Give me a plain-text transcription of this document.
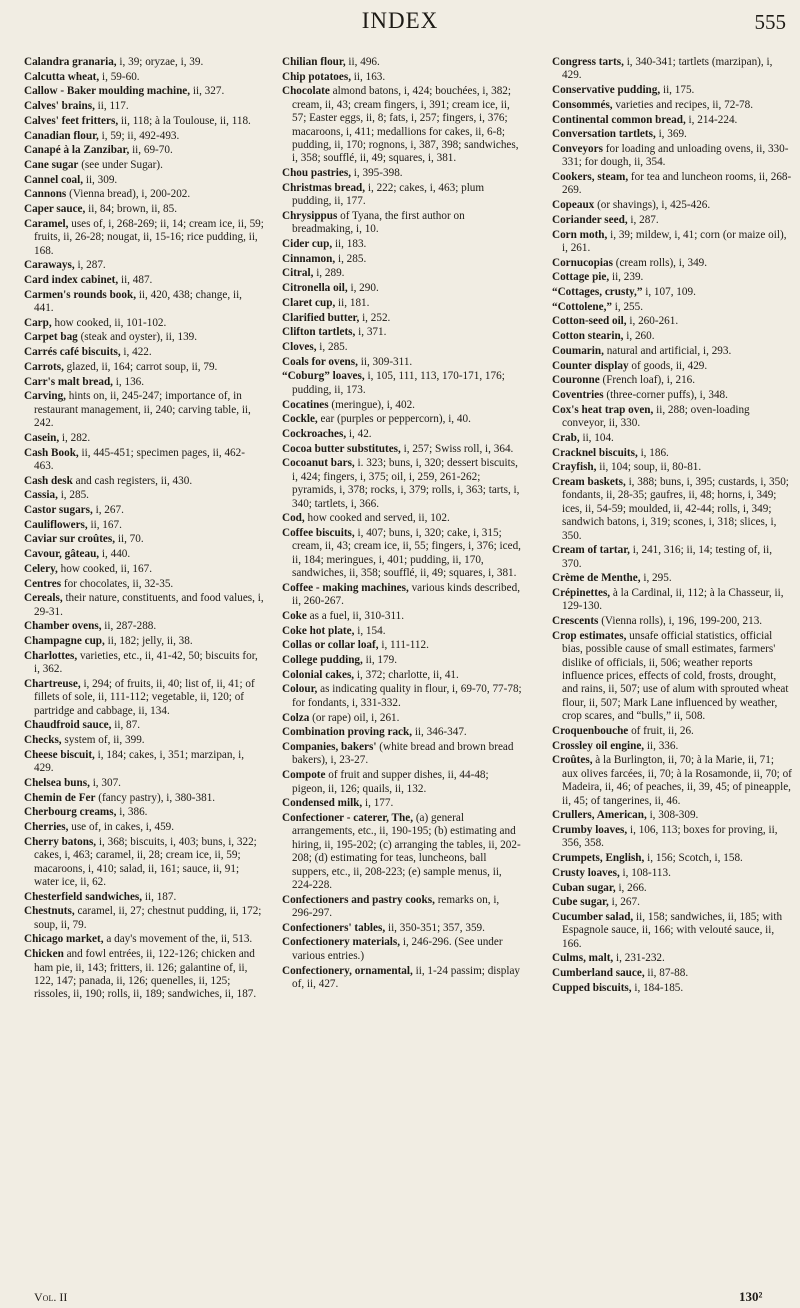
INDEX	555

Calandra granaria, i, 39; oryzae, i, 39.

Calcutta wheat, i, 59-60.

Callow - Baker moulding machine, ii, 327.

Calves' brains, ii, 117.

Calves' feet fritters, ii, 118; à la Toulouse, ii, 118.

Canadian flour, i, 59; ii, 492-493.

Canapé à la Zanzibar, ii, 69-70.

Cane sugar (see under Sugar).

Cannel coal, ii, 309.

Cannons (Vienna bread), i, 200-202.

Caper sauce, ii, 84; brown, ii, 85.

Caramel, uses of, i, 268-269; ii, 14; cream ice, ii, 59; fruits, ii, 26-28; nougat, ii, 15-16; rice pudding, ii, 168.

Caraways, i, 287.

Card index cabinet, ii, 487.

Carmen's rounds book, ii, 420, 438; change, ii, 441.

Carp, how cooked, ii, 101-102.

Carpet bag (steak and oyster), ii, 139.

Carrés café biscuits, i, 422.

Carrots, glazed, ii, 164; carrot soup, ii, 79.

Carr's malt bread, i, 136.

Carving, hints on, ii, 245-247; importance of, in restaurant management, ii, 240; carving table, ii, 242.

Casein, i, 282.

Cash Book, ii, 445-451; specimen pages, ii, 462-463.

Cash desk and cash registers, ii, 430.

Cassia, i, 285.

Castor sugars, i, 267.

Cauliflowers, ii, 167.

Caviar sur croûtes, ii, 70.

Cavour, gâteau, i, 440.

Celery, how cooked, ii, 167.

Centres for chocolates, ii, 32-35.

Cereals, their nature, constituents, and food values, i, 29-31.

Chamber ovens, ii, 287-288.

Champagne cup, ii, 182; jelly, ii, 38.

Charlottes, varieties, etc., ii, 41-42, 50; biscuits for, i, 362.

Chartreuse, i, 294; of fruits, ii, 40; list of, ii, 41; of fillets of sole, ii, 111-112; vegetable, ii, 120; of partridge and cabbage, ii, 134.

Chaudfroid sauce, ii, 87.

Checks, system of, ii, 399.

Cheese biscuit, i, 184; cakes, i, 351; marzipan, i, 429.

Chelsea buns, i, 307.

Chemin de Fer (fancy pastry), i, 380-381.

Cherbourg creams, i, 386.

Cherries, use of, in cakes, i, 459.

Cherry batons, i, 368; biscuits, i, 403; buns, i, 322; cakes, i, 463; caramel, ii, 28; cream ice, ii, 59; macaroons, i, 410; salad, ii, 161; sauce, ii, 91; water ice, ii, 62.

Chesterfield sandwiches, ii, 187.

Chestnuts, caramel, ii, 27; chestnut pudding, ii, 172; soup, ii, 79.

Chicago market, a day's movement of the, ii, 513.

Chicken and fowl entrées, ii, 122-126; chicken and ham pie, ii, 143; fritters, ii. 126; galantine of, ii, 122, 147; panada, ii, 126; quenelles, ii, 125; rissoles, ii, 190; rolls, ii, 189; sandwiches, ii, 187.

Chilian flour, ii, 496.

Chip potatoes, ii, 163.

Chocolate almond batons, i, 424; bouchées, i, 382; cream, ii, 43; cream fingers, i, 391; cream ice, ii, 57; Easter eggs, ii, 8; fats, i, 257; fingers, i, 376; macaroons, i, 411; medallions for cakes, ii, 6-8; pudding, ii, 170; rognons, i, 387, 398; sandwiches, i, 358; soufflé, ii, 49; squares, i, 381.

Chou pastries, i, 395-398.

Christmas bread, i, 222; cakes, i, 463; plum pudding, ii, 177.

Chrysippus of Tyana, the first author on breadmaking, i, 10.

Cider cup, ii, 183.

Cinnamon, i, 285.

Citral, i, 289.

Citronella oil, i, 290.

Claret cup, ii, 181.

Clarified butter, i, 252.

Clifton tartlets, i, 371.

Cloves, i, 285.

Coals for ovens, ii, 309-311.

“Coburg” loaves, i, 105, 111, 113, 170-171, 176; pudding, ii, 173.

Cocatines (meringue), i, 402.

Cockle, ear (purples or peppercorn), i, 40.

Cockroaches, i, 42.

Cocoa butter substitutes, i, 257; Swiss roll, i, 364.

Cocoanut bars, i. 323; buns, i, 320; dessert biscuits, i, 424; fingers, i, 375; oil, i, 259, 261-262; pyramids, i, 378; rocks, i, 379; rolls, i, 363; tarts, i, 340; tartlets, i, 366.

Cod, how cooked and served, ii, 102.

Coffee biscuits, i, 407; buns, i, 320; cake, i, 315; cream, ii, 43; cream ice, ii, 55; fingers, i, 376; iced, ii, 184; meringues, i, 401; pudding, ii, 170, sandwiches, ii, 358; soufflé, ii, 49; squares, i, 381.

Coffee - making machines, various kinds described, ii, 260-267.

Coke as a fuel, ii, 310-311.

Coke hot plate, i, 154.

Collas or collar loaf, i, 111-112.

College pudding, ii, 179.

Colonial cakes, i, 372; charlotte, ii, 41.

Colour, as indicating quality in flour, i, 69-70, 77-78; for fondants, i, 331-332.

Colza (or rape) oil, i, 261.

Combination proving rack, ii, 346-347.

Companies, bakers' (white bread and brown bread bakers), i, 23-27.

Compote of fruit and supper dishes, ii, 44-48; pigeon, ii, 126; quails, ii, 132.

Condensed milk, i, 177.

Confectioner - caterer, The, (a) general arrangements, etc., ii, 190-195; (b) estimating and hiring, ii, 195-202; (c) arranging the tables, ii, 202-208; (d) estimating for teas, luncheons, ball suppers, etc., ii, 208-223; (e) sample menus, ii, 224-228.

Confectioners and pastry cooks, remarks on, i, 296-297.

Confectioners' tables, ii, 350-351; 357, 359.

Confectionery materials, i, 246-296. (See under various entries.)

Confectionery, ornamental, ii, 1-24 passim; display of, ii, 427.

Congress tarts, i, 340-341; tartlets (marzipan), i, 429.

Conservative pudding, ii, 175.

Consommés, varieties and recipes, ii, 72-78.

Continental common bread, i, 214-224.

Conversation tartlets, i, 369.

Conveyors for loading and unloading ovens, ii, 330-331; for dough, ii, 354.

Cookers, steam, for tea and luncheon rooms, ii, 268-269.

Copeaux (or shavings), i, 425-426.

Coriander seed, i, 287.

Corn moth, i, 39; mildew, i, 41; corn (or maize oil), i, 261.

Cornucopias (cream rolls), i, 349.

Cottage pie, ii, 239.

“Cottages, crusty,” i, 107, 109.

“Cottolene,” i, 255.

Cotton-seed oil, i, 260-261.

Cotton stearin, i, 260.

Coumarin, natural and artificial, i, 293.

Counter display of goods, ii, 429.

Couronne (French loaf), i, 216.

Coventries (three-corner puffs), i, 348.

Cox's heat trap oven, ii, 288; oven-loading conveyor, ii, 330.

Crab, ii, 104.

Cracknel biscuits, i, 186.

Crayfish, ii, 104; soup, ii, 80-81.

Cream baskets, i, 388; buns, i, 395; custards, i, 350; fondants, ii, 28-35; gaufres, ii, 48; horns, i, 349; ices, ii, 54-59; moulded, ii, 42-44; rolls, i, 349; sandwich batons, i, 319; scones, i, 318; slices, i, 350.

Cream of tartar, i, 241, 316; ii, 14; testing of, ii, 370.

Crème de Menthe, i, 295.

Crépinettes, à la Cardinal, ii, 112; à la Chasseur, ii, 129-130.

Crescents (Vienna rolls), i, 196, 199-200, 213.

Crop estimates, unsafe official statistics, official bias, possible cause of small estimates, farmers' dislike of officials, ii, 506; weather reports influence prices, effects of cold, frosts, drought, and rains, ii, 507; use of alum with sprouted wheat flour, ii, 507; Mark Lane influenced by weather, crop scares, and “bulls,” ii, 508.

Croquenbouche of fruit, ii, 26.

Crossley oil engine, ii, 336.

Croûtes, à la Burlington, ii, 70; à la Marie, ii, 71; aux olives farcées, ii, 70; à la Rosamonde, ii, 70; of Madeira, ii, 46; of peaches, ii, 39, 45; of pineapple, ii, 45; of tangerines, ii, 46.

Crullers, American, i, 308-309.

Crumby loaves, i, 106, 113; boxes for proving, ii, 356, 358.

Crumpets, English, i, 156; Scotch, i, 158.

Crusty loaves, i, 108-113.

Cuban sugar, i, 266.

Cube sugar, i, 267.

Cucumber salad, ii, 158; sandwiches, ii, 185; with Espagnole sauce, ii, 166; with velouté sauce, ii, 166.

Culms, malt, i, 231-232.

Cumberland sauce, ii, 87-88.

Cupped biscuits, i, 184-185.

Vol. II	130²
